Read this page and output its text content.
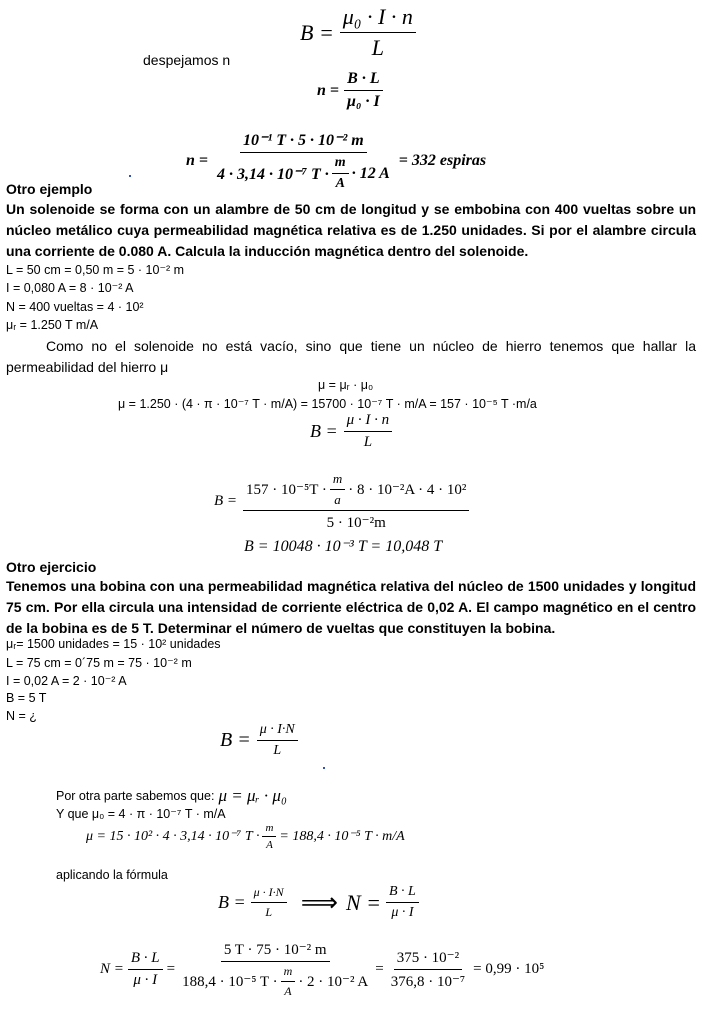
$B = \frac{\text{μ₀ · I · n}}{L}$
despejamos n
$n = \frac{B \cdot L}{\text{μ₀ · I}}$
n =
10⁻¹ T · 5 · 10⁻² m
4 · 3,14 · 10⁻⁷ $T \cdot \frac{m}{A} \cdot 12$ A
= 332 espiras
Otro ejemplo
Un solenoide se forma con un alambre de 50 cm de longitud y se embobina con 400 vueltas sobre un núcleo metálico cuya permeabilidad magnética relativa es de 1.250 unidades. Si por el alambre circula una corriente de 0.080 A. Calcula la inducción magnética dentro del solenoide.
L = 50 cm = 0,50 m = 5 · 10⁻² m
I = 0,080 A = 8 · 10⁻² A
N = 400 vueltas = 4 · 10²
μᵣ = 1.250 T m/A
Como no el solenoide no está vacío, sino que tiene un núcleo de hierro tenemos que hallar la permeabilidad del hierro μ
μ = μᵣ · μ₀
μ = 1.250 · (4 · π · 10⁻⁷ T · m/A) = 15700 · 10⁻⁷ T · m/A = 157 · 10⁻⁵ T ·m/a
$B = \frac{\mu \cdot I \cdot n}{L}$
B =
$157 \cdot 10^{-5}T \cdot \frac{m}{a} \cdot 8 \cdot 10^{-2}A \cdot 4 \cdot 10^2$
5 · 10⁻²m
B = 10048 · 10⁻³ T = 10,048 T
Otro ejercicio
Tenemos una bobina con una permeabilidad magnética relativa del núcleo de 1500 unidades y longitud 75 cm. Por ella circula una intensidad de corriente eléctrica de 0,02 A. El campo magnético en el centro de la bobina es de 5 T. Determinar el número de vueltas que constituyen la bobina.
μᵣ= 1500 unidades = 15 · 10² unidades
L = 75 cm = 0´75 m = 75 · 10⁻² m
I = 0,02 A = 2 · 10⁻² A
B = 5 T
N = ¿
$B = \frac{\mu \cdot I\cdot N}{L}$
Por otra parte sabemos que: μ = μᵣ · μ₀
Y que μ₀ = 4 · π · 10⁻⁷ T · m/A
μ = 15 · 10² · 4 · 3,14 · 10⁻⁷ $T \cdot \frac{m}{A} = 188,4 \cdot 10^{-5}$ T · m/A
aplicando la fórmula
$B = \frac{\mu \cdot I\cdot N}{L}$ ⟹ $N = \frac{B \cdot L}{\mu \cdot I}$
$N = \frac{B \cdot L}{\mu \cdot I}$ =
5 T · 75 · 10⁻² m
188,4 · 10⁻⁵ $T \cdot \frac{m}{A} \cdot 2 \cdot 10^{-2}$ A
= $\frac{\text{375 · 10⁻²}}{\text{376,8 · 10⁻⁷}} = 0,99 \cdot 10^5$
